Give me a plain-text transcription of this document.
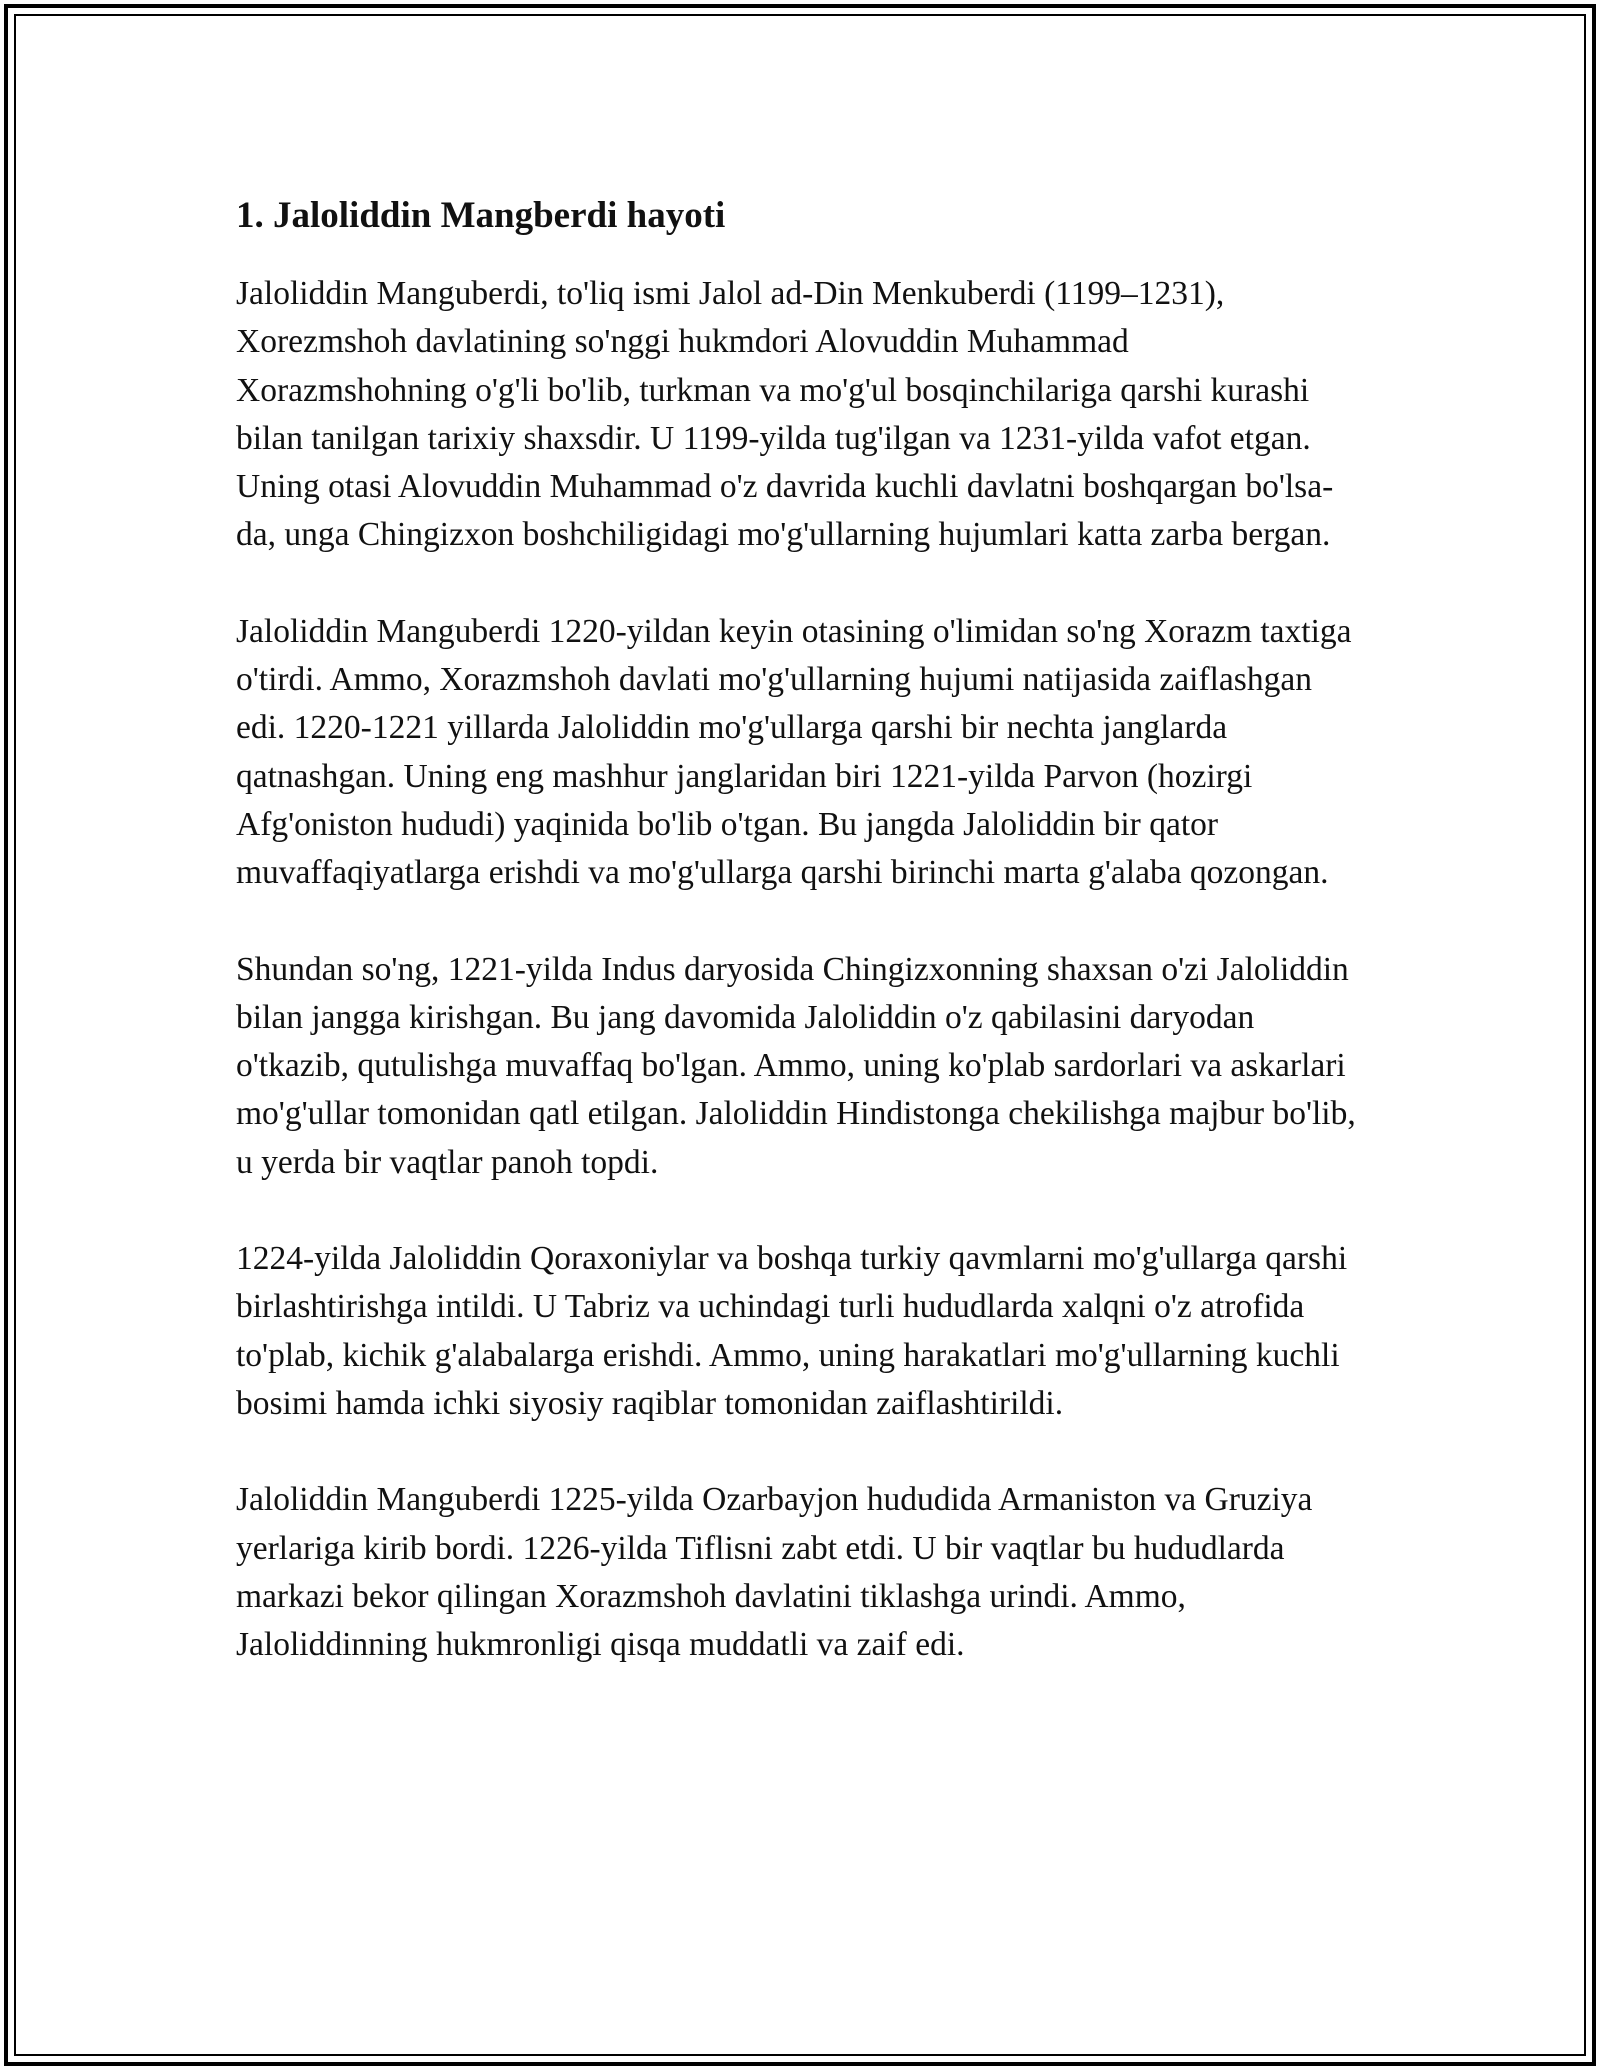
1. Jaloliddin Mangberdi hayoti

Jaloliddin Manguberdi, to'liq ismi Jalol ad-Din Menkuberdi (1199–1231), Xorezmshoh davlatining so'nggi hukmdori Alovuddin Muhammad Xorazmshohning o'g'li bo'lib, turkman va mo'g'ul bosqinchilariga qarshi kurashi bilan tanilgan tarixiy shaxsdir. U 1199-yilda tug'ilgan va 1231-yilda vafot etgan. Uning otasi Alovuddin Muhammad o'z davrida kuchli davlatni boshqargan bo'lsa-da, unga Chingizxon boshchiligidagi mo'g'ullarning hujumlari katta zarba bergan.

Jaloliddin Manguberdi 1220-yildan keyin otasining o'limidan so'ng Xorazm taxtiga o'tirdi. Ammo, Xorazmshoh davlati mo'g'ullarning hujumi natijasida zaiflashgan edi. 1220-1221 yillarda Jaloliddin mo'g'ullarga qarshi bir nechta janglarda qatnashgan. Uning eng mashhur janglaridan biri 1221-yilda Parvon (hozirgi Afg'oniston hududi) yaqinida bo'lib o'tgan. Bu jangda Jaloliddin bir qator muvaffaqiyatlarga erishdi va mo'g'ullarga qarshi birinchi marta g'alaba qozongan.

Shundan so'ng, 1221-yilda Indus daryosida Chingizxonning shaxsan o'zi Jaloliddin bilan jangga kirishgan. Bu jang davomida Jaloliddin o'z qabilasini daryodan o'tkazib, qutulishga muvaffaq bo'lgan. Ammo, uning ko'plab sardorlari va askarlari mo'g'ullar tomonidan qatl etilgan. Jaloliddin Hindistonga chekilishga majbur bo'lib, u yerda bir vaqtlar panoh topdi.

1224-yilda Jaloliddin Qoraxoniylar va boshqa turkiy qavmlarni mo'g'ullarga qarshi birlashtirishga intildi. U Tabriz va uchindagi turli hududlarda xalqni o'z atrofida to'plab, kichik g'alabalarga erishdi. Ammo, uning harakatlari mo'g'ullarning kuchli bosimi hamda ichki siyosiy raqiblar tomonidan zaiflashtirildi.

Jaloliddin Manguberdi 1225-yilda Ozarbayjon hududida Armaniston va Gruziya yerlariga kirib bordi. 1226-yilda Tiflisni zabt etdi. U bir vaqtlar bu hududlarda markazi bekor qilingan Xorazmshoh davlatini tiklashga urindi. Ammo, Jaloliddinning hukmronligi qisqa muddatli va zaif edi.
